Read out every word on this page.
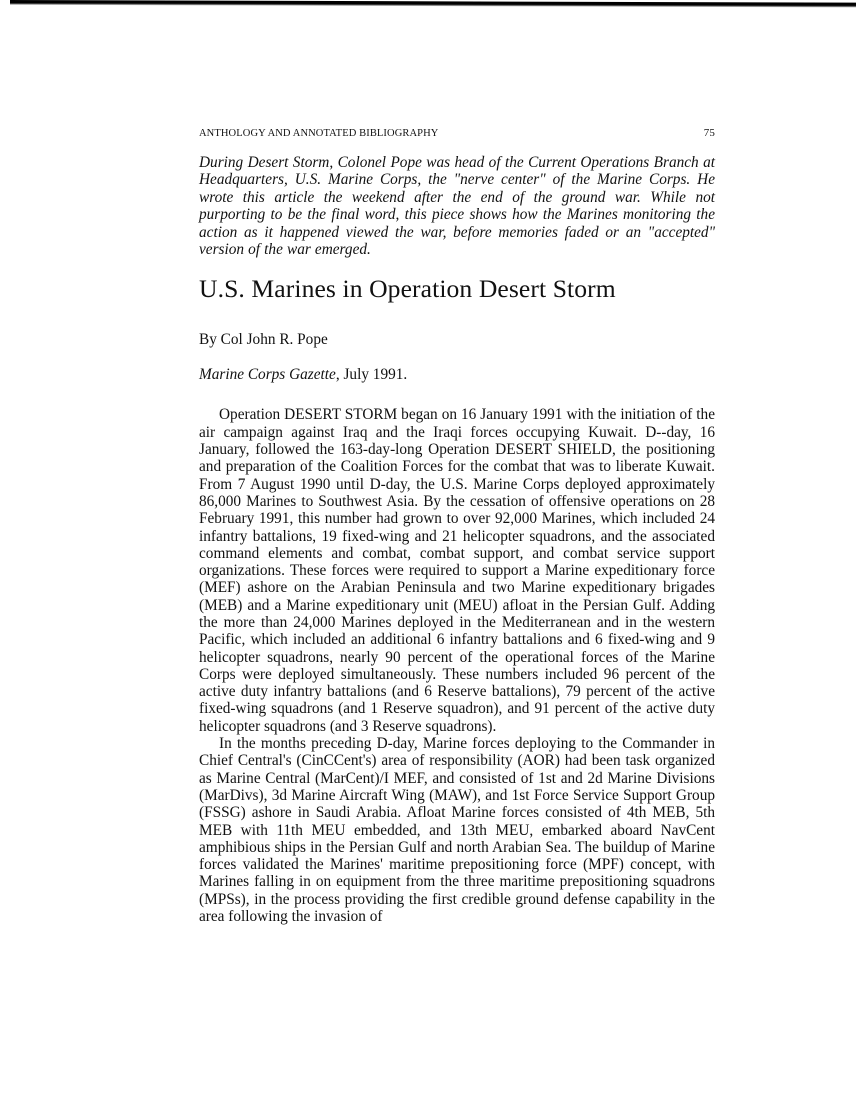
ANTHOLOGY AND ANNOTATED BIBLIOGRAPHY	75
During Desert Storm, Colonel Pope was head of the Current Operations Branch at Headquarters, U.S. Marine Corps, the "nerve center" of the Marine Corps. He wrote this article the weekend after the end of the ground war. While not purporting to be the final word, this piece shows how the Marines monitoring the action as it happened viewed the war, before memories faded or an "accepted" version of the war emerged.
U.S. Marines in Operation Desert Storm
By Col John R. Pope
Marine Corps Gazette, July 1991.

Operation DESERT STORM began on 16 January 1991 with the initiation of the air campaign against Iraq and the Iraqi forces occupying Kuwait. D--day, 16 January, followed the 163-day-long Operation DESERT SHIELD, the positioning and preparation of the Coalition Forces for the combat that was to liberate Kuwait. From 7 August 1990 until D-day, the U.S. Marine Corps deployed approximately 86,000 Marines to Southwest Asia. By the cessation of offensive operations on 28 February 1991, this number had grown to over 92,000 Marines, which included 24 infantry battalions, 19 fixed-wing and 21 helicopter squadrons, and the associated command elements and combat, combat support, and combat service support organizations. These forces were required to support a Marine expeditionary force (MEF) ashore on the Arabian Peninsula and two Marine expeditionary brigades (MEB) and a Marine expeditionary unit (MEU) afloat in the Persian Gulf. Adding the more than 24,000 Marines deployed in the Mediterranean and in the western Pacific, which included an additional 6 infantry battalions and 6 fixed-wing and 9 helicopter squadrons, nearly 90 percent of the operational forces of the Marine Corps were deployed simultaneously. These numbers included 96 percent of the active duty infantry battalions (and 6 Reserve battalions), 79 percent of the active fixed-wing squadrons (and 1 Reserve squadron), and 91 percent of the active duty helicopter squadrons (and 3 Reserve squadrons).

In the months preceding D-day, Marine forces deploying to the Commander in Chief Central's (CinCCent's) area of responsibility (AOR) had been task organized as Marine Central (MarCent)/I MEF, and consisted of 1st and 2d Marine Divisions (MarDivs), 3d Marine Aircraft Wing (MAW), and 1st Force Service Support Group (FSSG) ashore in Saudi Arabia. Afloat Marine forces consisted of 4th MEB, 5th MEB with 11th MEU embedded, and 13th MEU, embarked aboard NavCent amphibious ships in the Persian Gulf and north Arabian Sea. The buildup of Marine forces validated the Marines' maritime prepositioning force (MPF) concept, with Marines falling in on equipment from the three maritime prepositioning squadrons (MPSs), in the process providing the first credible ground defense capability in the area following the invasion of
